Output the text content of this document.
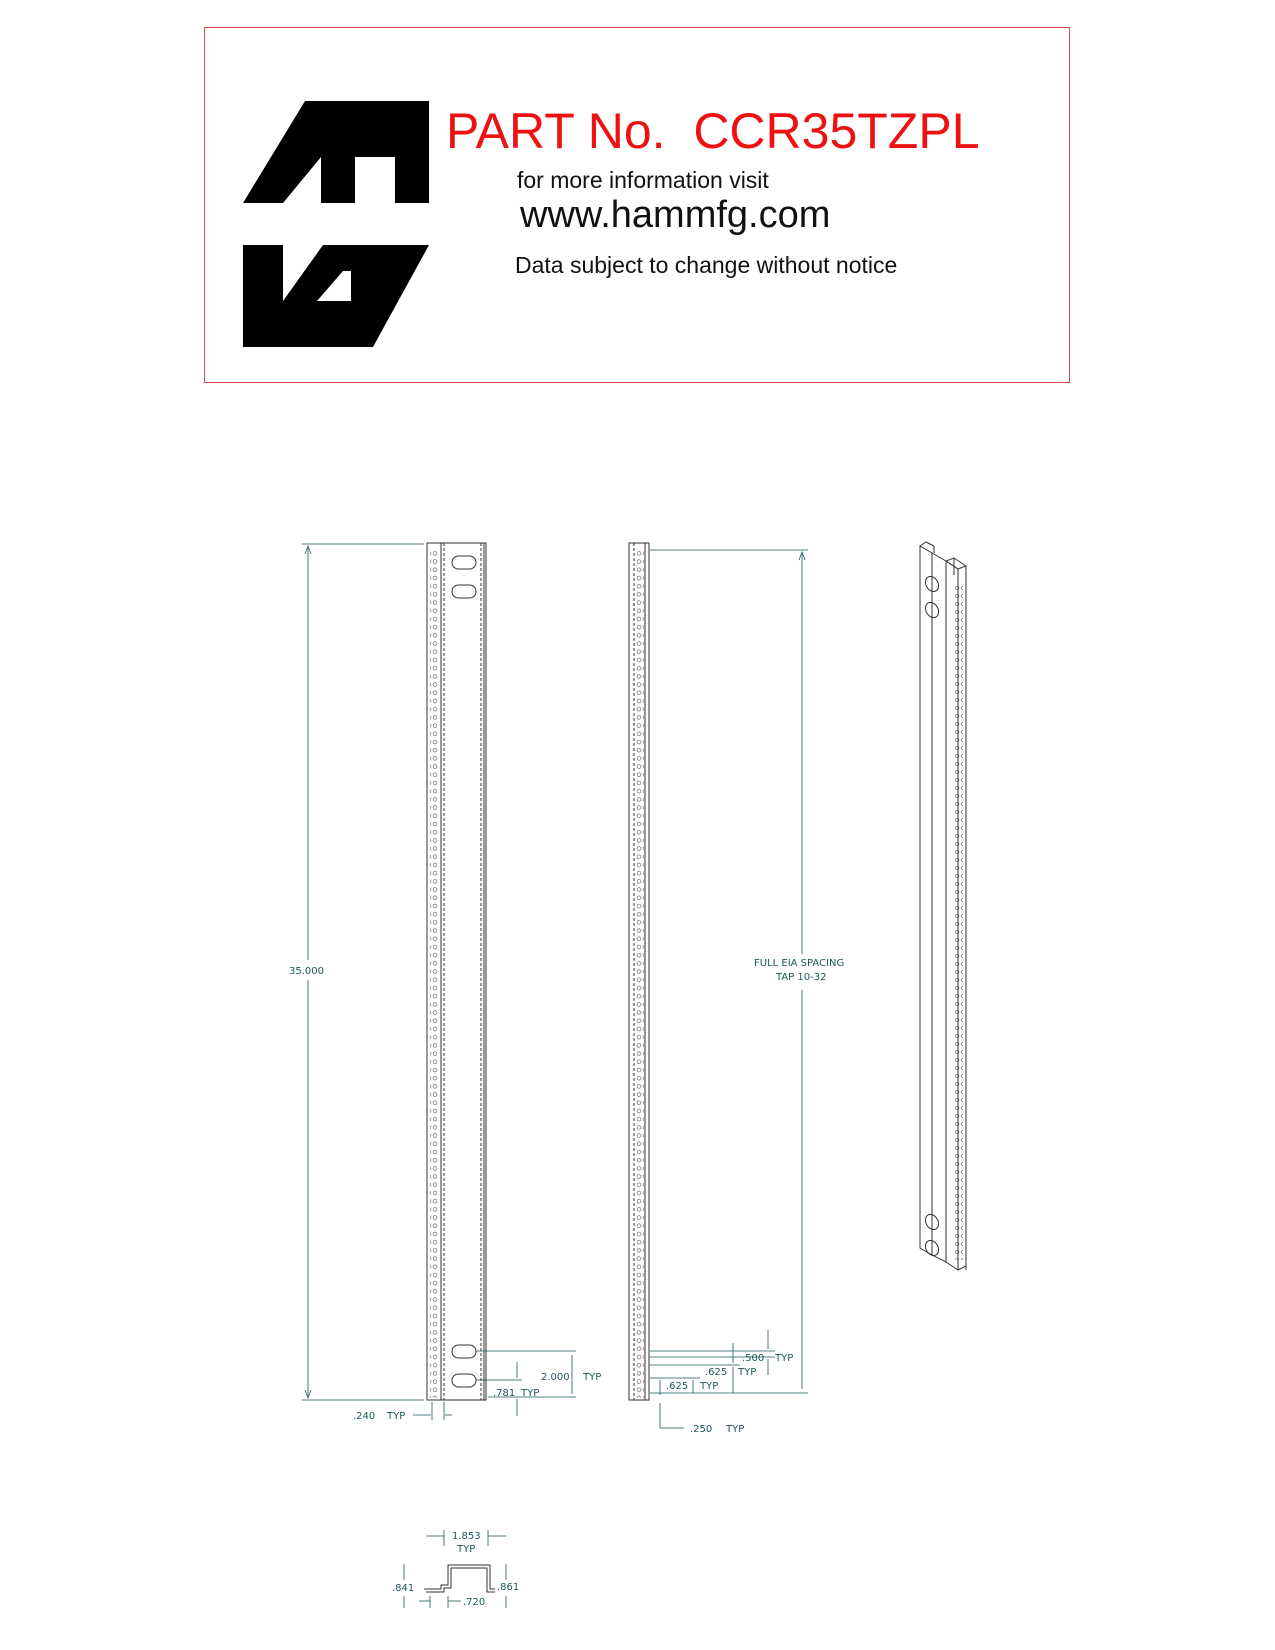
PART No.  CCR35TZPL
for more information visit
www.hammfg.com
Data subject to change without notice
35.000
.240 TYP
2.000 TYP
.781 TYP
FULL EIA SPACING
TAP 10-32
.500 TYP
.625 TYP
.625 TYP
.250 TYP
1.853
TYP
.841	.861
.720
